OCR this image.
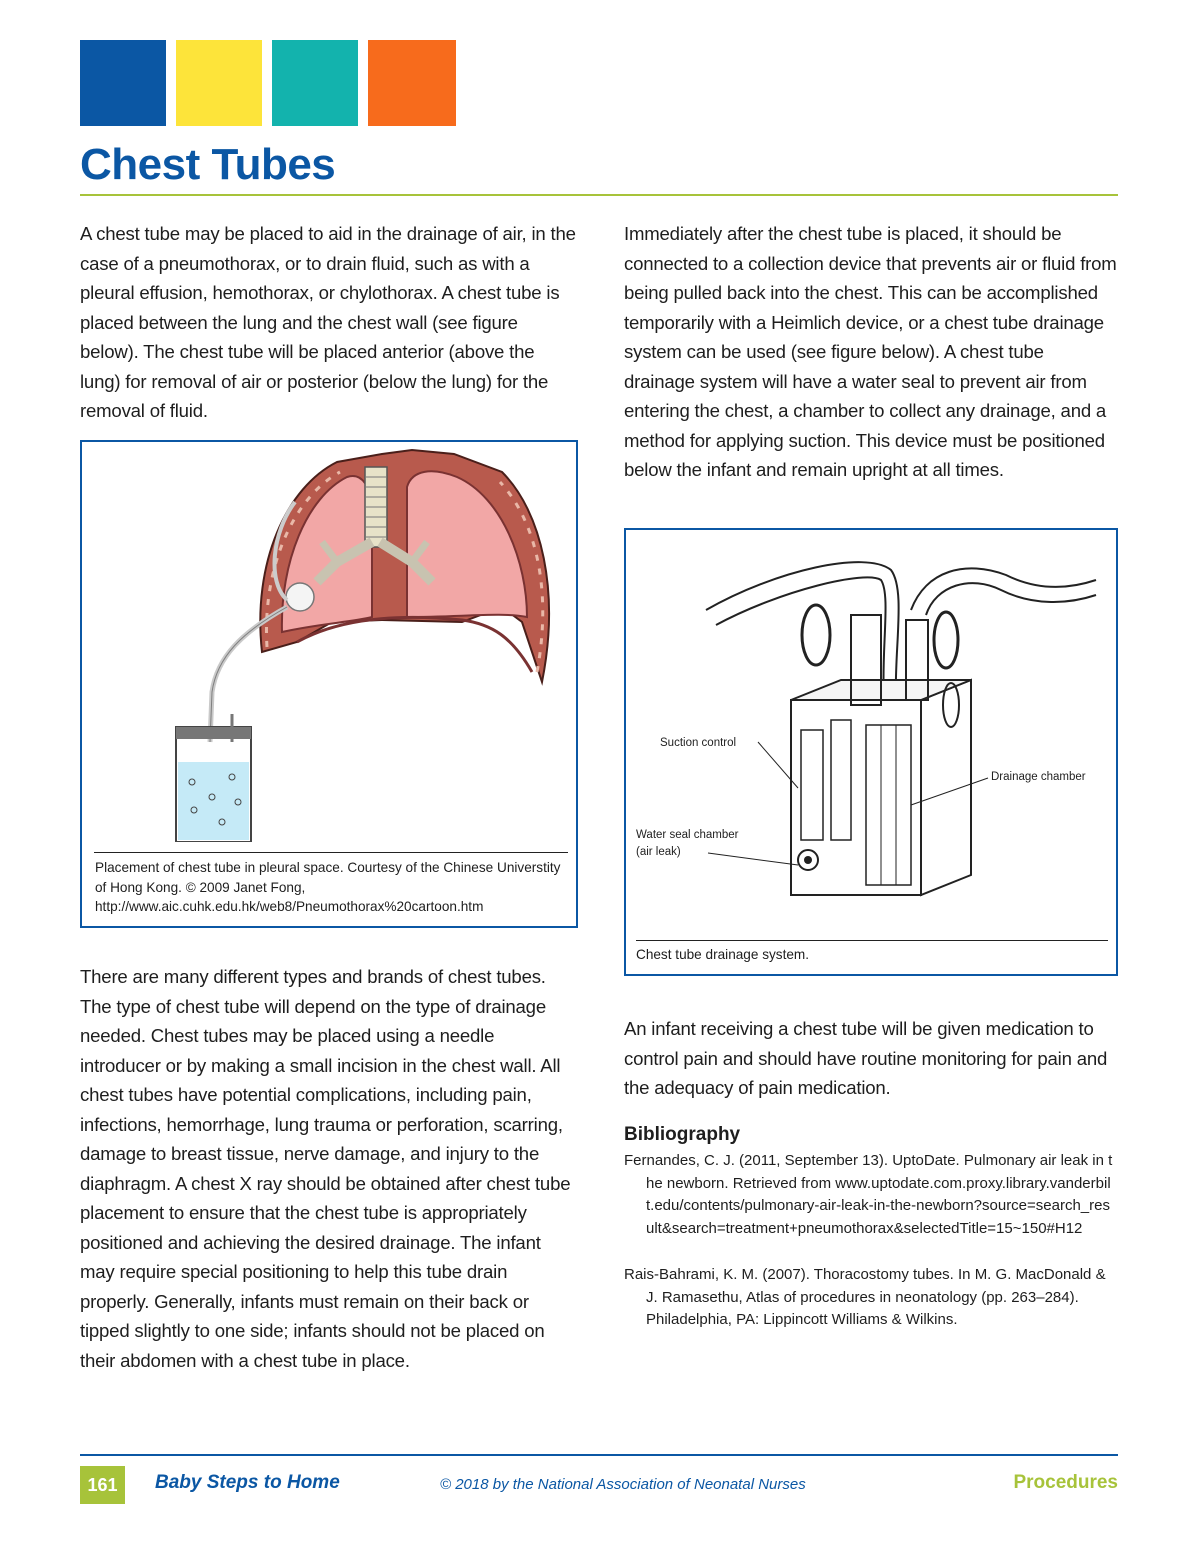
Chest Tubes

A chest tube may be placed to aid in the drainage of air, in the case of a pneumothorax, or to drain fluid, such as with a pleural effusion, hemothorax, or chylothorax. A chest tube is placed between the lung and the chest wall (see figure below). The chest tube will be placed anterior (above the lung) for removal of air or posterior (below the lung) for the removal of fluid.

Placement of chest tube in pleural space. Courtesy of the Chinese Universtity of Hong Kong. © 2009 Janet Fong, http://www.aic.cuhk.edu.hk/web8/Pneumothorax%20cartoon.htm

There are many different types and brands of chest tubes. The type of chest tube will depend on the type of drainage needed. Chest tubes may be placed using a needle introducer or by making a small incision in the chest wall. All chest tubes have potential complications, including pain, infections, hemorrhage, lung trauma or perforation, scarring, damage to breast tissue, nerve damage, and injury to the diaphragm. A chest X ray should be obtained after chest tube placement to ensure that the chest tube is appropriately positioned and achieving the desired drainage. The infant may require special positioning to help this tube drain properly. Generally, infants must remain on their back or tipped slightly to one side; infants should not be placed on their abdomen with a chest tube in place.

Immediately after the chest tube is placed, it should be connected to a collection device that prevents air or fluid from being pulled back into the chest. This can be accomplished temporarily with a Heimlich device, or a chest tube drainage system can be used (see figure below). A chest tube drainage system will have a water seal to prevent air from entering the chest, a chamber to collect any drainage, and a method for applying suction. This device must be positioned below the infant and remain upright at all times.

Suction control
Drainage chamber
Water seal chamber
(air leak)

Chest tube drainage system.

An infant receiving a chest tube will be given medication to control pain and should have routine monitoring for pain and the adequacy of pain medication.

Bibliography

Fernandes, C. J. (2011, September 13). UptoDate. Pulmonary air leak in the newborn. Retrieved from www.uptodate.com.proxy.library.vanderbilt.edu/contents/pulmonary-air-leak-in-the-newborn?source=search_result&search=treatment+pneumothorax&selectedTitle=15~150#H12

Rais-Bahrami, K. M. (2007). Thoracostomy tubes. In M. G. MacDonald & J. Ramasethu, Atlas of procedures in neonatology (pp. 263–284). Philadelphia, PA: Lippincott Williams & Wilkins.

161	Baby Steps to Home	© 2018 by the National Association of Neonatal Nurses	Procedures
